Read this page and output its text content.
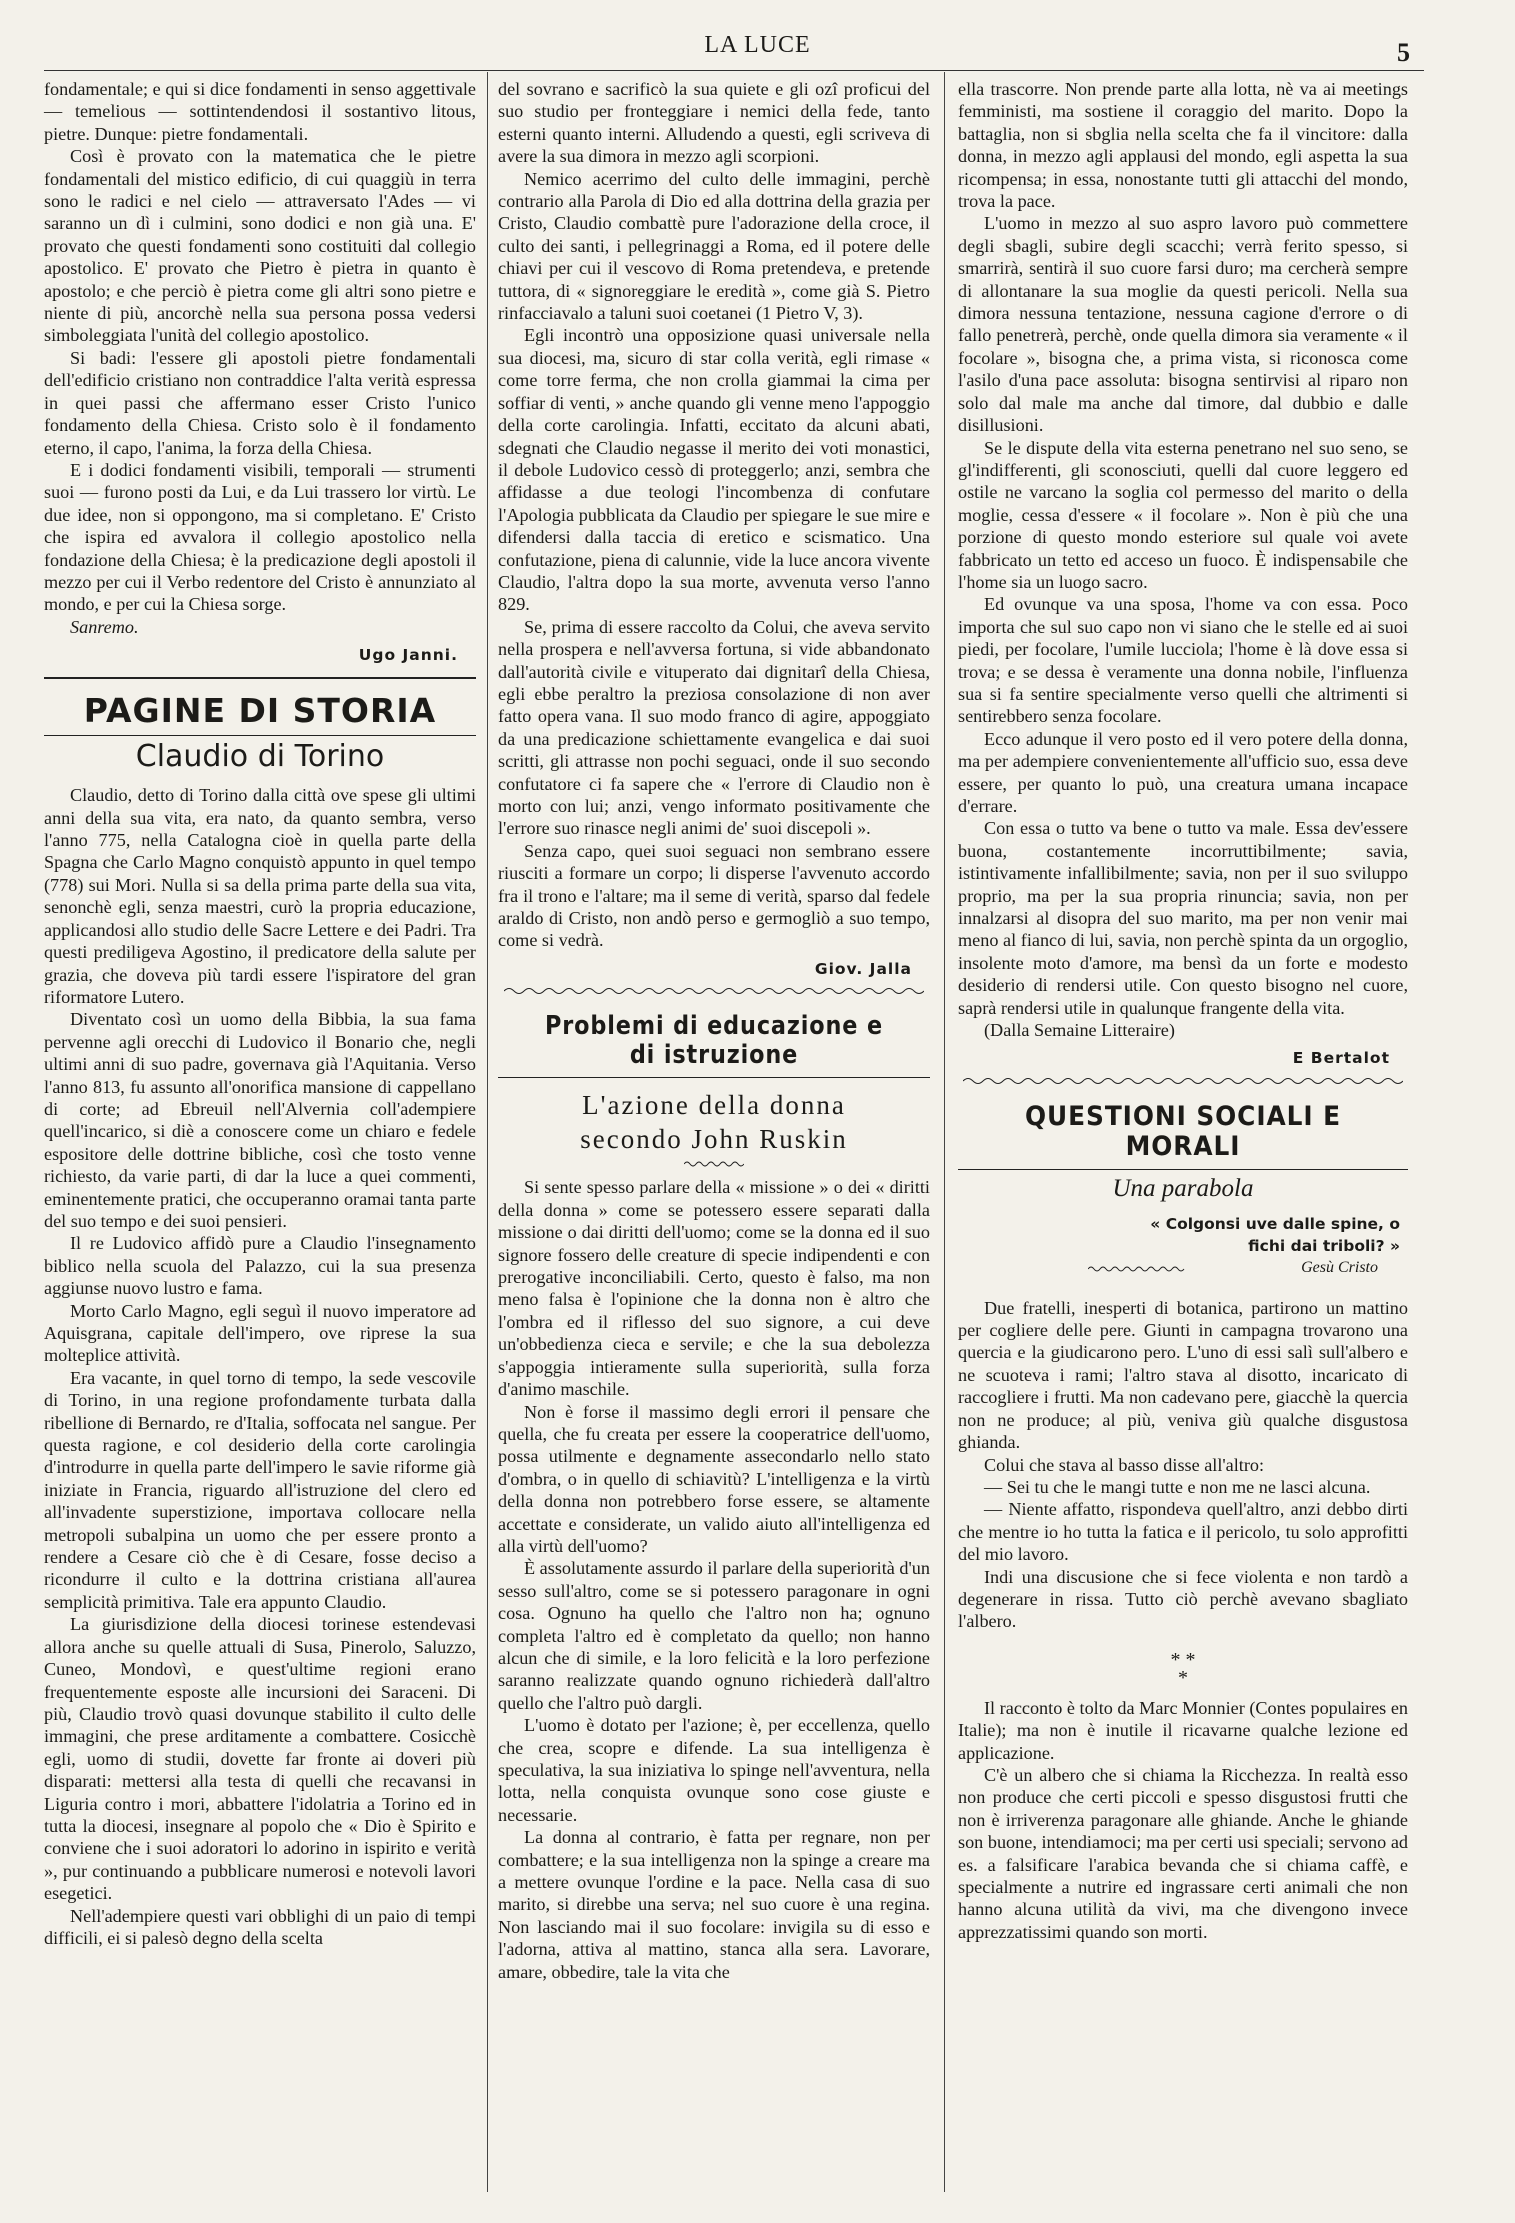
LA LUCE	5

fondamentale; e qui si dice fondamenti in senso aggettivale — temelious — sottintendendosi il sostantivo litous, pietre. Dunque: pietre fondamentali.

Così è provato con la matematica che le pietre fondamentali del mistico edificio, di cui quaggiù in terra sono le radici e nel cielo — attraversato l'Ades — vi saranno un dì i culmini, sono dodici e non già una. E' provato che questi fondamenti sono costituiti dal collegio apostolico. E' provato che Pietro è pietra in quanto è apostolo; e che perciò è pietra come gli altri sono pietre e niente di più, ancorchè nella sua persona possa vedersi simboleggiata l'unità del collegio apostolico.

Si badi: l'essere gli apostoli pietre fondamentali dell'edificio cristiano non contraddice l'alta verità espressa in quei passi che affermano esser Cristo l'unico fondamento della Chiesa. Cristo solo è il fondamento eterno, il capo, l'anima, la forza della Chiesa.

E i dodici fondamenti visibili, temporali — strumenti suoi — furono posti da Lui, e da Lui trassero lor virtù. Le due idee, non si oppongono, ma si completano. E' Cristo che ispira ed avvalora il collegio apostolico nella fondazione della Chiesa; è la predicazione degli apostoli il mezzo per cui il Verbo redentore del Cristo è annunziato al mondo, e per cui la Chiesa sorge.

Sanremo.

Ugo Janni.
PAGINE DI STORIA
Claudio di Torino

Claudio, detto di Torino dalla città ove spese gli ultimi anni della sua vita, era nato, da quanto sembra, verso l'anno 775, nella Catalogna cioè in quella parte della Spagna che Carlo Magno conquistò appunto in quel tempo (778) sui Mori. Nulla si sa della prima parte della sua vita, senonchè egli, senza maestri, curò la propria educazione, applicandosi allo studio delle Sacre Lettere e dei Padri. Tra questi prediligeva Agostino, il predicatore della salute per grazia, che doveva più tardi essere l'ispiratore del gran riformatore Lutero.

Diventato così un uomo della Bibbia, la sua fama pervenne agli orecchi di Ludovico il Bonario che, negli ultimi anni di suo padre, governava già l'Aquitania. Verso l'anno 813, fu assunto all'onorifica mansione di cappellano di corte; ad Ebreuil nell'Alvernia coll'adempiere quell'incarico, si diè a conoscere come un chiaro e fedele espositore delle dottrine bibliche, così che tosto venne richiesto, da varie parti, di dar la luce a quei commenti, eminentemente pratici, che occuperanno oramai tanta parte del suo tempo e dei suoi pensieri.

Il re Ludovico affidò pure a Claudio l'insegnamento biblico nella scuola del Palazzo, cui la sua presenza aggiunse nuovo lustro e fama.

Morto Carlo Magno, egli seguì il nuovo imperatore ad Aquisgrana, capitale dell'impero, ove riprese la sua molteplice attività.

Era vacante, in quel torno di tempo, la sede vescovile di Torino, in una regione profondamente turbata dalla ribellione di Bernardo, re d'Italia, soffocata nel sangue. Per questa ragione, e col desiderio della corte carolingia d'introdurre in quella parte dell'impero le savie riforme già iniziate in Francia, riguardo all'istruzione del clero ed all'invadente superstizione, importava collocare nella metropoli subalpina un uomo che per essere pronto a rendere a Cesare ciò che è di Cesare, fosse deciso a ricondurre il culto e la dottrina cristiana all'aurea semplicità primitiva. Tale era appunto Claudio.

La giurisdizione della diocesi torinese estendevasi allora anche su quelle attuali di Susa, Pinerolo, Saluzzo, Cuneo, Mondovì, e quest'ultime regioni erano frequentemente esposte alle incursioni dei Saraceni. Di più, Claudio trovò quasi dovunque stabilito il culto delle immagini, che prese arditamente a combattere. Cosicchè egli, uomo di studii, dovette far fronte ai doveri più disparati: mettersi alla testa di quelli che recavansi in Liguria contro i mori, abbattere l'idolatria a Torino ed in tutta la diocesi, insegnare al popolo che « Dio è Spirito e conviene che i suoi adoratori lo adorino in ispirito e verità », pur continuando a pubblicare numerosi e notevoli lavori esegetici.

Nell'adempiere questi vari obblighi di un paio di tempi difficili, ei si palesò degno della scelta

del sovrano e sacrificò la sua quiete e gli ozî proficui del suo studio per fronteggiare i nemici della fede, tanto esterni quanto interni. Alludendo a questi, egli scriveva di avere la sua dimora in mezzo agli scorpioni.

Nemico acerrimo del culto delle immagini, perchè contrario alla Parola di Dio ed alla dottrina della grazia per Cristo, Claudio combattè pure l'adorazione della croce, il culto dei santi, i pellegrinaggi a Roma, ed il potere delle chiavi per cui il vescovo di Roma pretendeva, e pretende tuttora, di « signoreggiare le eredità », come già S. Pietro rinfacciavalo a taluni suoi coetanei (1 Pietro V, 3).

Egli incontrò una opposizione quasi universale nella sua diocesi, ma, sicuro di star colla verità, egli rimase « come torre ferma, che non crolla giammai la cima per soffiar di venti, » anche quando gli venne meno l'appoggio della corte carolingia. Infatti, eccitato da alcuni abati, sdegnati che Claudio negasse il merito dei voti monastici, il debole Ludovico cessò di proteggerlo; anzi, sembra che affidasse a due teologi l'incombenza di confutare l'Apologia pubblicata da Claudio per spiegare le sue mire e difendersi dalla taccia di eretico e scismatico. Una confutazione, piena di calunnie, vide la luce ancora vivente Claudio, l'altra dopo la sua morte, avvenuta verso l'anno 829.

Se, prima di essere raccolto da Colui, che aveva servito nella prospera e nell'avversa fortuna, si vide abbandonato dall'autorità civile e vituperato dai dignitarî della Chiesa, egli ebbe peraltro la preziosa consolazione di non aver fatto opera vana. Il suo modo franco di agire, appoggiato da una predicazione schiettamente evangelica e dai suoi scritti, gli attrasse non pochi seguaci, onde il suo secondo confutatore ci fa sapere che « l'errore di Claudio non è morto con lui; anzi, vengo informato positivamente che l'errore suo rinasce negli animi de' suoi discepoli ».

Senza capo, quei suoi seguaci non sembrano essere riusciti a formare un corpo; li disperse l'avvenuto accordo fra il trono e l'altare; ma il seme di verità, sparso dal fedele araldo di Cristo, non andò perso e germogliò a suo tempo, come si vedrà.

Giov. Jalla
Problemi di educazione e di istruzione
L'azione della donna
secondo John Ruskin

Si sente spesso parlare della « missione » o dei « diritti della donna » come se potessero essere separati dalla missione o dai diritti dell'uomo; come se la donna ed il suo signore fossero delle creature di specie indipendenti e con prerogative inconciliabili. Certo, questo è falso, ma non meno falsa è l'opinione che la donna non è altro che l'ombra ed il riflesso del suo signore, a cui deve un'obbedienza cieca e servile; e che la sua debolezza s'appoggia intieramente sulla superiorità, sulla forza d'animo maschile.

Non è forse il massimo degli errori il pensare che quella, che fu creata per essere la cooperatrice dell'uomo, possa utilmente e degnamente assecondarlo nello stato d'ombra, o in quello di schiavitù? L'intelligenza e la virtù della donna non potrebbero forse essere, se altamente accettate e considerate, un valido aiuto all'intelligenza ed alla virtù dell'uomo?

È assolutamente assurdo il parlare della superiorità d'un sesso sull'altro, come se si potessero paragonare in ogni cosa. Ognuno ha quello che l'altro non ha; ognuno completa l'altro ed è completato da quello; non hanno alcun che di simile, e la loro felicità e la loro perfezione saranno realizzate quando ognuno richiederà dall'altro quello che l'altro può dargli.

L'uomo è dotato per l'azione; è, per eccellenza, quello che crea, scopre e difende. La sua intelligenza è speculativa, la sua iniziativa lo spinge nell'avventura, nella lotta, nella conquista ovunque sono cose giuste e necessarie.

La donna al contrario, è fatta per regnare, non per combattere; e la sua intelligenza non la spinge a creare ma a mettere ovunque l'ordine e la pace. Nella casa di suo marito, si direbbe una serva; nel suo cuore è una regina. Non lasciando mai il suo focolare: invigila su di esso e l'adorna, attiva al mattino, stanca alla sera. Lavorare, amare, obbedire, tale la vita che

ella trascorre. Non prende parte alla lotta, nè va ai meetings femministi, ma sostiene il coraggio del marito. Dopo la battaglia, non si sbglia nella scelta che fa il vincitore: dalla donna, in mezzo agli applausi del mondo, egli aspetta la sua ricompensa; in essa, nonostante tutti gli attacchi del mondo, trova la pace.

L'uomo in mezzo al suo aspro lavoro può commettere degli sbagli, subire degli scacchi; verrà ferito spesso, si smarrirà, sentirà il suo cuore farsi duro; ma cercherà sempre di allontanare la sua moglie da questi pericoli. Nella sua dimora nessuna tentazione, nessuna cagione d'errore o di fallo penetrerà, perchè, onde quella dimora sia veramente « il focolare », bisogna che, a prima vista, si riconosca come l'asilo d'una pace assoluta: bisogna sentirvisi al riparo non solo dal male ma anche dal timore, dal dubbio e dalle disillusioni.

Se le dispute della vita esterna penetrano nel suo seno, se gl'indifferenti, gli sconosciuti, quelli dal cuore leggero ed ostile ne varcano la soglia col permesso del marito o della moglie, cessa d'essere « il focolare ». Non è più che una porzione di questo mondo esteriore sul quale voi avete fabbricato un tetto ed acceso un fuoco. È indispensabile che l'home sia un luogo sacro.

Ed ovunque va una sposa, l'home va con essa. Poco importa che sul suo capo non vi siano che le stelle ed ai suoi piedi, per focolare, l'umile lucciola; l'home è là dove essa si trova; e se dessa è veramente una donna nobile, l'influenza sua si fa sentire specialmente verso quelli che altrimenti si sentirebbero senza focolare.

Ecco adunque il vero posto ed il vero potere della donna, ma per adempiere convenientemente all'ufficio suo, essa deve essere, per quanto lo può, una creatura umana incapace d'errare.

Con essa o tutto va bene o tutto va male. Essa dev'essere buona, costantemente incorruttibilmente; savia, istintivamente infallibilmente; savia, non per il suo sviluppo proprio, ma per la sua propria rinuncia; savia, non per innalzarsi al disopra del suo marito, ma per non venir mai meno al fianco di lui, savia, non perchè spinta da un orgoglio, insolente moto d'amore, ma bensì da un forte e modesto desiderio di rendersi utile. Con questo bisogno nel cuore, saprà rendersi utile in qualunque frangente della vita.

(Dalla Semaine Litteraire)

E Bertalot
QUESTIONI SOCIALI E MORALI
Una parabola
« Colgonsi uve dalle spine, o
fichi dai triboli? »
Gesù Cristo

Due fratelli, inesperti di botanica, partirono un mattino per cogliere delle pere. Giunti in campagna trovarono una quercia e la giudicarono pero. L'uno di essi salì sull'albero e ne scuoteva i rami; l'altro stava al disotto, incaricato di raccogliere i frutti. Ma non cadevano pere, giacchè la quercia non ne produce; al più, veniva giù qualche disgustosa ghianda.

Colui che stava al basso disse all'altro:

— Sei tu che le mangi tutte e non me ne lasci alcuna.

— Niente affatto, rispondeva quell'altro, anzi debbo dirti che mentre io ho tutta la fatica e il pericolo, tu solo approfitti del mio lavoro.

Indi una discusione che si fece violenta e non tardò a degenerare in rissa. Tutto ciò perchè avevano sbagliato l'albero.

* *
*

Il racconto è tolto da Marc Monnier (Contes populaires en Italie); ma non è inutile il ricavarne qualche lezione ed applicazione.

C'è un albero che si chiama la Ricchezza. In realtà esso non produce che certi piccoli e spesso disgustosi frutti che non è irriverenza paragonare alle ghiande. Anche le ghiande son buone, intendiamoci; ma per certi usi speciali; servono ad es. a falsificare l'arabica bevanda che si chiama caffè, e specialmente a nutrire ed ingrassare certi animali che non hanno alcuna utilità da vivi, ma che divengono invece apprezzatissimi quando son morti.
